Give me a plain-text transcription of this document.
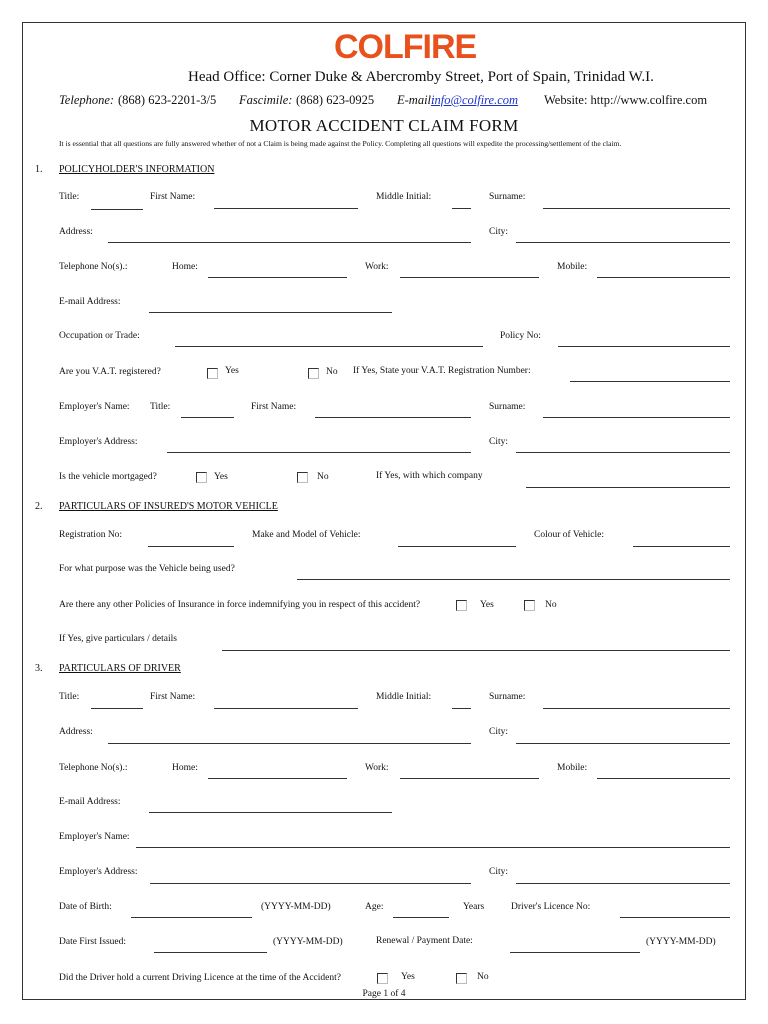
COLFIRE
Head Office: Corner Duke & Abercromby Street, Port of Spain, Trinidad W.I.
Telephone: (868) 623-2201-3/5 Fascimile: (868) 623-0925 E-mail:
info@colfire.com Website: http://www.colfire.com
MOTOR ACCIDENT CLAIM FORM
It is essential that all questions are fully answered whether of not a Claim is being made against the Policy. Completing all questions will expedite the processing/settlement of the claim.
1. POLICYHOLDER'S INFORMATION
Title:	First Name:	Middle Initial:	Surname:
Address:	City:
Telephone No(s).:	Home:	Work:	Mobile:
E-mail Address:
Occupation or Trade:	Policy No:
Are you V.A.T. registered?	Yes	No If Yes, State your V.A.T. Registration Number:
Employer's Name: Title:	First Name:	Surname:
Employer's Address:	City:
Is the vehicle mortgaged?	Yes	No	If Yes, with which company
2. PARTICULARS OF INSURED'S MOTOR VEHICLE
Registration No:	Make and Model of Vehicle:	Colour of Vehicle:
For what purpose was the Vehicle being used?
Are there any other Policies of Insurance in force indemnifying you in respect of this accident?	Yes	No
If Yes, give particulars / details
3. PARTICULARS OF DRIVER
Title:	First Name:	Middle Initial:	Surname:
Address:	City:
Telephone No(s).:	Home:	Work:	Mobile:
E-mail Address:
Employer's Name:
Employer's Address:	City:
Date of Birth:	(YYYY-MM-DD)	Age:	Years	Driver's Licence No:
Date First Issued:	(YYYY-MM-DD)	Renewal / Payment Date:	(YYYY-MM-DD)
Did the Driver hold a current Driving Licence at the time of the Accident?	Yes	No
Page 1 of 4
